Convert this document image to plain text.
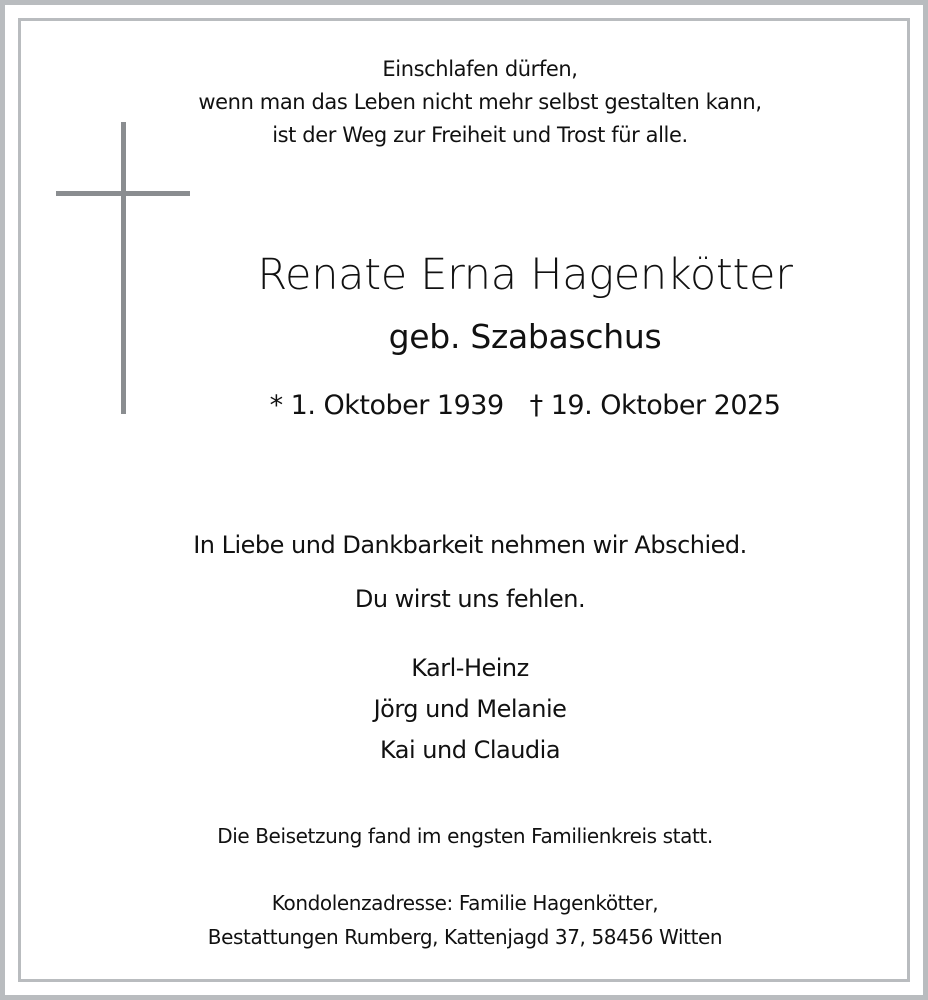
Einschlafen dürfen,
wenn man das Leben nicht mehr selbst gestalten kann,
ist der Weg zur Freiheit und Trost für alle.
Renate Erna Hagenkötter
geb. Szabaschus
* 1. Oktober 1939 † 19. Oktober 2025
In Liebe und Dankbarkeit nehmen wir Abschied.
Du wirst uns fehlen.
Karl-Heinz
Jörg und Melanie
Kai und Claudia
Die Beisetzung fand im engsten Familienkreis statt.
Kondolenzadresse: Familie Hagenkötter,
Bestattungen Rumberg, Kattenjagd 37, 58456 Witten
